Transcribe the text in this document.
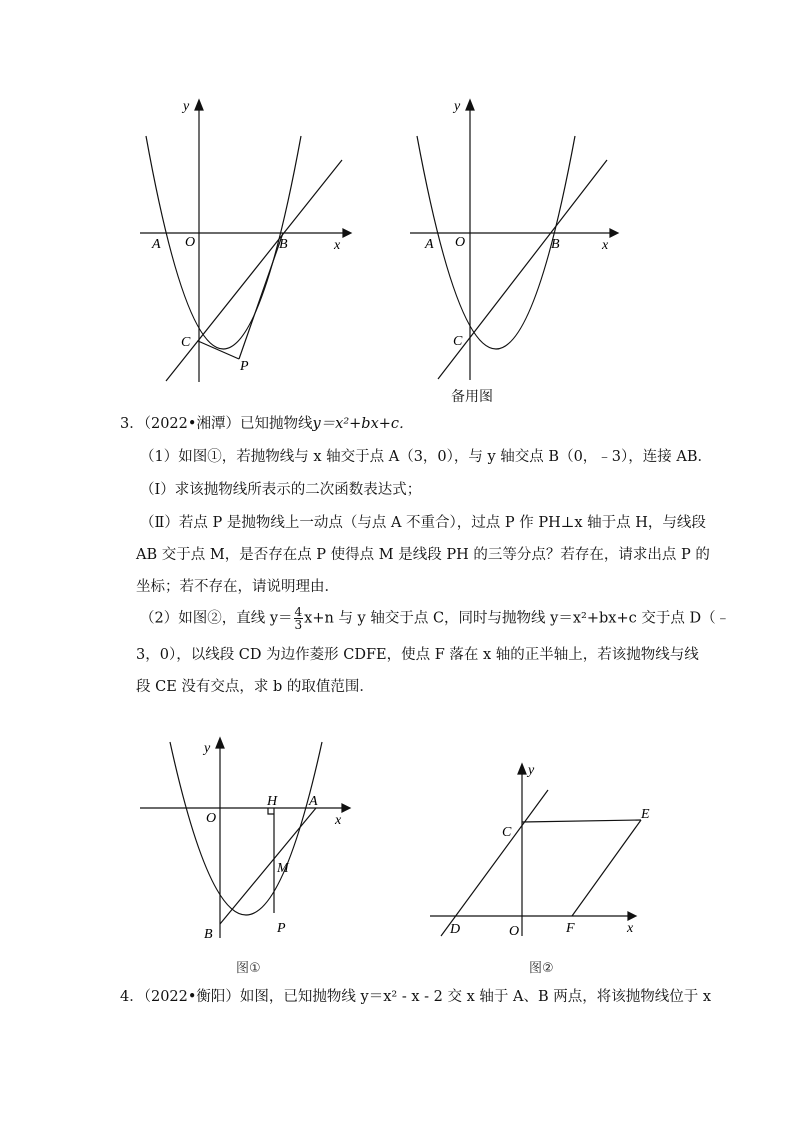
y
x
O
A	B
C
P
y
x
O
A	B
C
备用图
3．（2022•湘潭）已知抛物线y＝x²+bx+c．
（1）如图①，若抛物线与 x 轴交于点 A（3，0），与 y 轴交点 B（0，﹣3），连接 AB．
（Ⅰ）求该抛物线所表示的二次函数表达式；
（Ⅱ）若点 P 是抛物线上一动点（与点 A 不重合），过点 P 作 PH⊥x 轴于点 H，与线段
AB 交于点 M，是否存在点 P 使得点 M 是线段 PH 的三等分点？若存在，请求出点 P 的
坐标；若不存在，请说明理由．
（2）如图②，直线 $y= \frac{4}{3} x+n$ 与 y 轴交于点 C，同时与抛物线 y＝x²+bx+c 交于点 D（﹣
3，0），以线段 CD 为边作菱形 CDFE，使点 F 落在 x 轴的正半轴上，若该抛物线与线
段 CE 没有交点，求 b 的取值范围．
y
x
O
H A
M
B	P
图①
y
x
O
C
D
E
F
图②
4．（2022•衡阳）如图，已知抛物线 y＝x² - x - 2 交 x 轴于 A、B 两点，将该抛物线位于 x
